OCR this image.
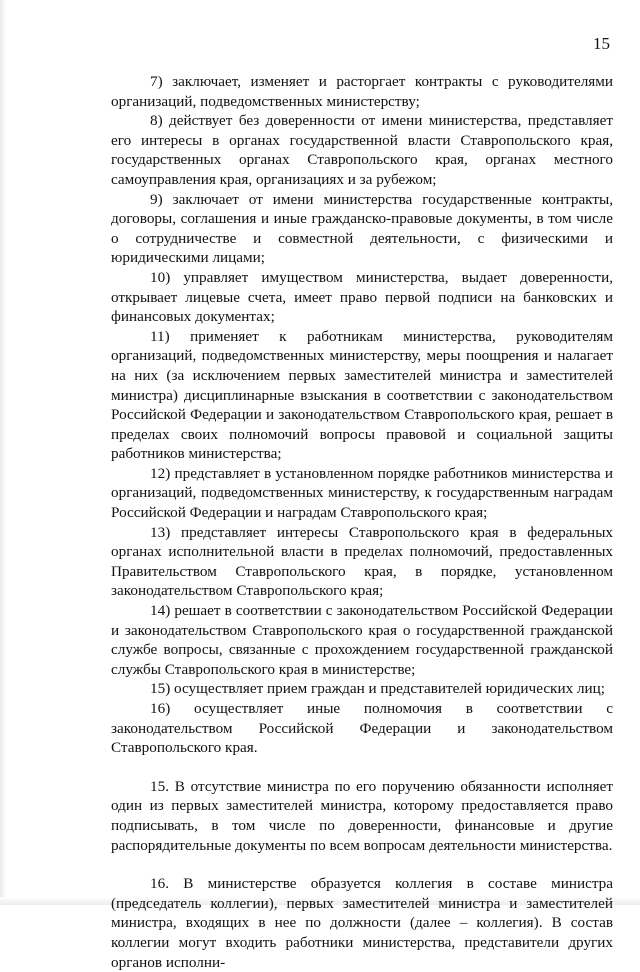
15

7) заключает, изменяет и расторгает контракты с руководителями организаций, подведомственных министерству;

8) действует без доверенности от имени министерства, представляет его интересы в органах государственной власти Ставропольского края, государственных органах Ставропольского края, органах местного самоуправления края, организациях и за рубежом;

9) заключает от имени министерства государственные контракты, договоры, соглашения и иные гражданско-правовые документы, в том числе о сотрудничестве и совместной деятельности, с физическими и юридическими лицами;

10) управляет имуществом министерства, выдает доверенности, открывает лицевые счета, имеет право первой подписи на банковских и финансовых документах;

11) применяет к работникам министерства, руководителям организаций, подведомственных министерству, меры поощрения и налагает на них (за исключением первых заместителей министра и заместителей министра) дисциплинарные взыскания в соответствии с законодательством Российской Федерации и законодательством Ставропольского края, решает в пределах своих полномочий вопросы правовой и социальной защиты работников министерства;

12) представляет в установленном порядке работников министерства и организаций, подведомственных министерству, к государственным наградам Российской Федерации и наградам Ставропольского края;

13) представляет интересы Ставропольского края в федеральных органах исполнительной власти в пределах полномочий, предоставленных Правительством Ставропольского края, в порядке, установленном законодательством Ставропольского края;

14) решает в соответствии с законодательством Российской Федерации и законодательством Ставропольского края о государственной гражданской службе вопросы, связанные с прохождением государственной гражданской службы Ставропольского края в министерстве;

15) осуществляет прием граждан и представителей юридических лиц;

16) осуществляет иные полномочия в соответствии с законодательством Российской Федерации и законодательством Ставропольского края.

15. В отсутствие министра по его поручению обязанности исполняет один из первых заместителей министра, которому предоставляется право подписывать, в том числе по доверенности, финансовые и другие распорядительные документы по всем вопросам деятельности министерства.

16. В министерстве образуется коллегия в составе министра (председатель коллегии), первых заместителей министра и заместителей министра, входящих в нее по должности (далее – коллегия). В состав коллегии могут входить работники министерства, представители других органов исполни-
